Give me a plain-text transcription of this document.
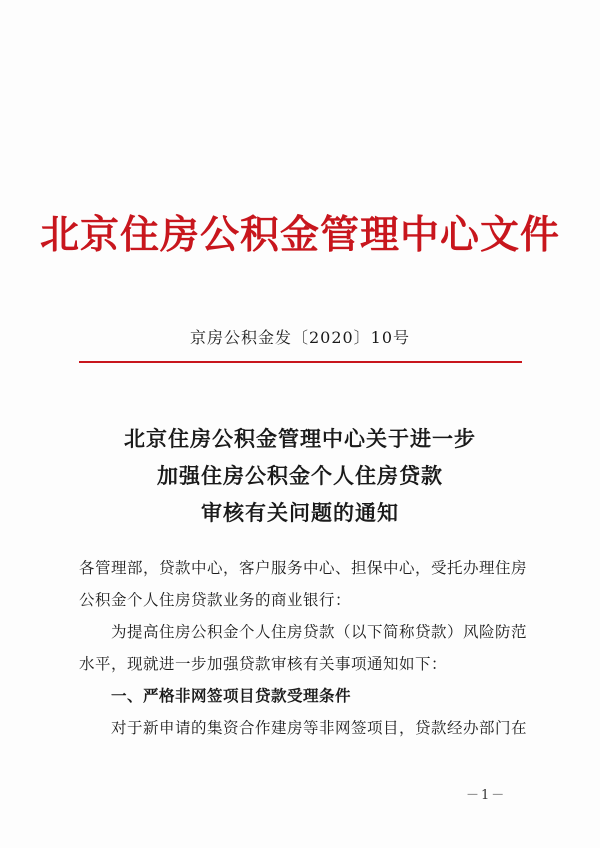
北京住房公积金管理中心文件
京房公积金发〔2020〕10号
北京住房公积金管理中心关于进一步
加强住房公积金个人住房贷款
审核有关问题的通知

各管理部，贷款中心，客户服务中心、担保中心，受托办理住房

公积金个人住房贷款业务的商业银行：

为提高住房公积金个人住房贷款（以下简称贷款）风险防范

水平，现就进一步加强贷款审核有关事项通知如下：

一、严格非网签项目贷款受理条件

对于新申请的集资合作建房等非网签项目，贷款经办部门在

－1－
